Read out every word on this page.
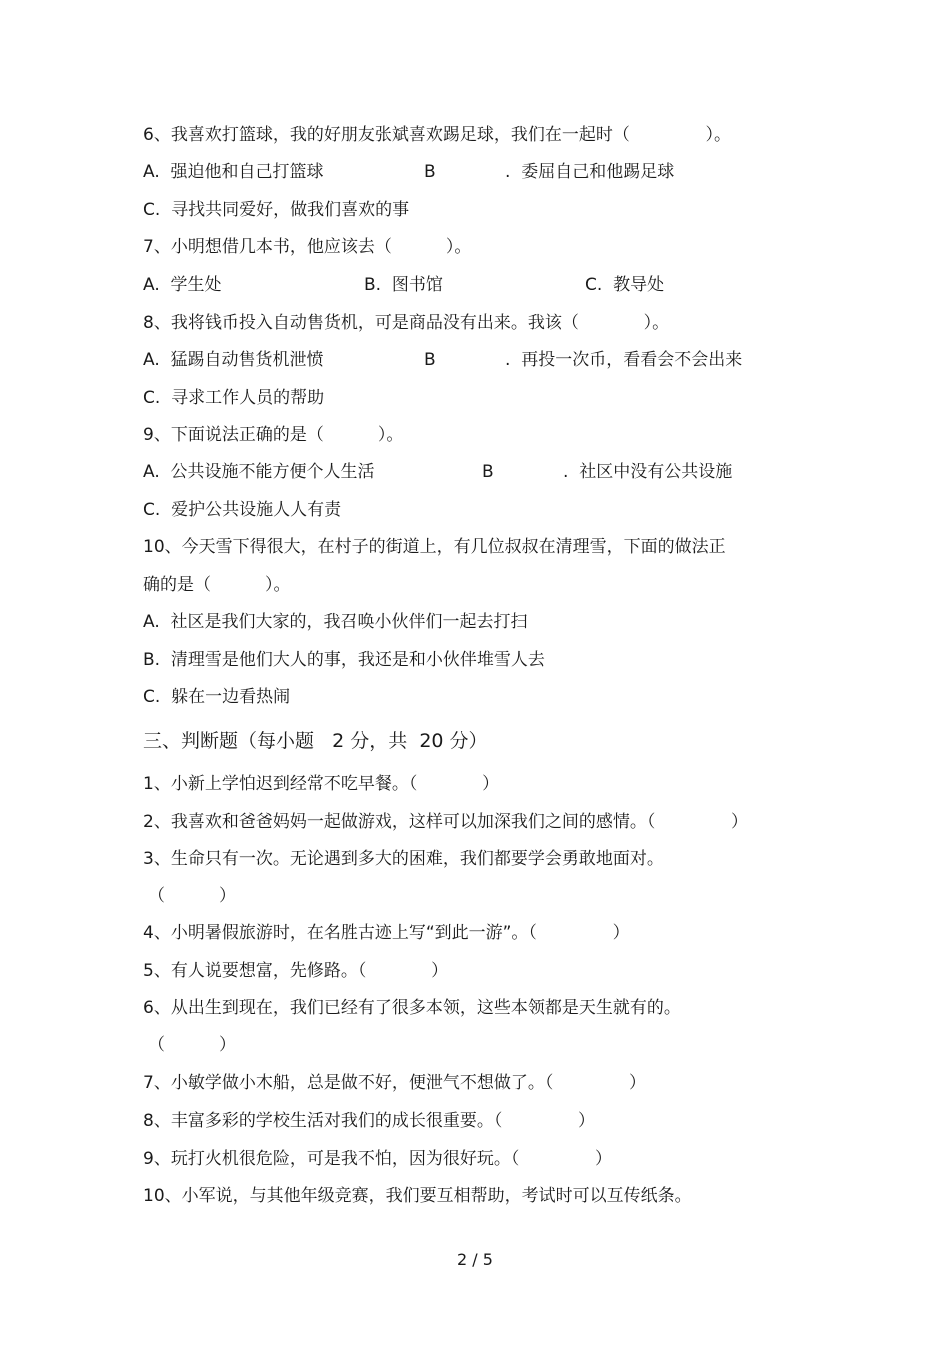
6、我喜欢打篮球，我的好朋友张斌喜欢踢足球，我们在一起时（              ）。
A.  强迫他和自己打篮球	B	.  委屈自己和他踢足球
C.  寻找共同爱好，做我们喜欢的事
7、小明想借几本书，他应该去（          ）。
A.  学生处	B.  图书馆	C.  教导处
8、我将钱币投入自动售货机，可是商品没有出来。我该（            ）。
A.  猛踢自动售货机泄愤	B	.  再投一次币，看看会不会出来
C.  寻求工作人员的帮助
9、下面说法正确的是（          ）。
A.  公共设施不能方便个人生活	B	.  社区中没有公共设施
C.  爱护公共设施人人有责
10、今天雪下得很大，在村子的街道上，有几位叔叔在清理雪，下面的做法正
确的是（          ）。
A.  社区是我们大家的，我召唤小伙伴们一起去打扫
B.  清理雪是他们大人的事，我还是和小伙伴堆雪人去
C.  躲在一边看热闹
三、判断题（每小题   2 分，共  20 分）
1、小新上学怕迟到经常不吃早餐。（            ）
2、我喜欢和爸爸妈妈一起做游戏，这样可以加深我们之间的感情。（              ）
3、生命只有一次。无论遇到多大的困难，我们都要学会勇敢地面对。
（          ）
4、小明暑假旅游时，在名胜古迹上写“到此一游”。（              ）
5、有人说要想富，先修路。（            ）
6、从出生到现在，我们已经有了很多本领，这些本领都是天生就有的。
（          ）
7、小敏学做小木船，总是做不好，便泄气不想做了。（              ）
8、丰富多彩的学校生活对我们的成长很重要。（              ）
9、玩打火机很危险，可是我不怕，因为很好玩。（              ）
10、小军说，与其他年级竞赛，我们要互相帮助，考试时可以互传纸条。
2 / 5
